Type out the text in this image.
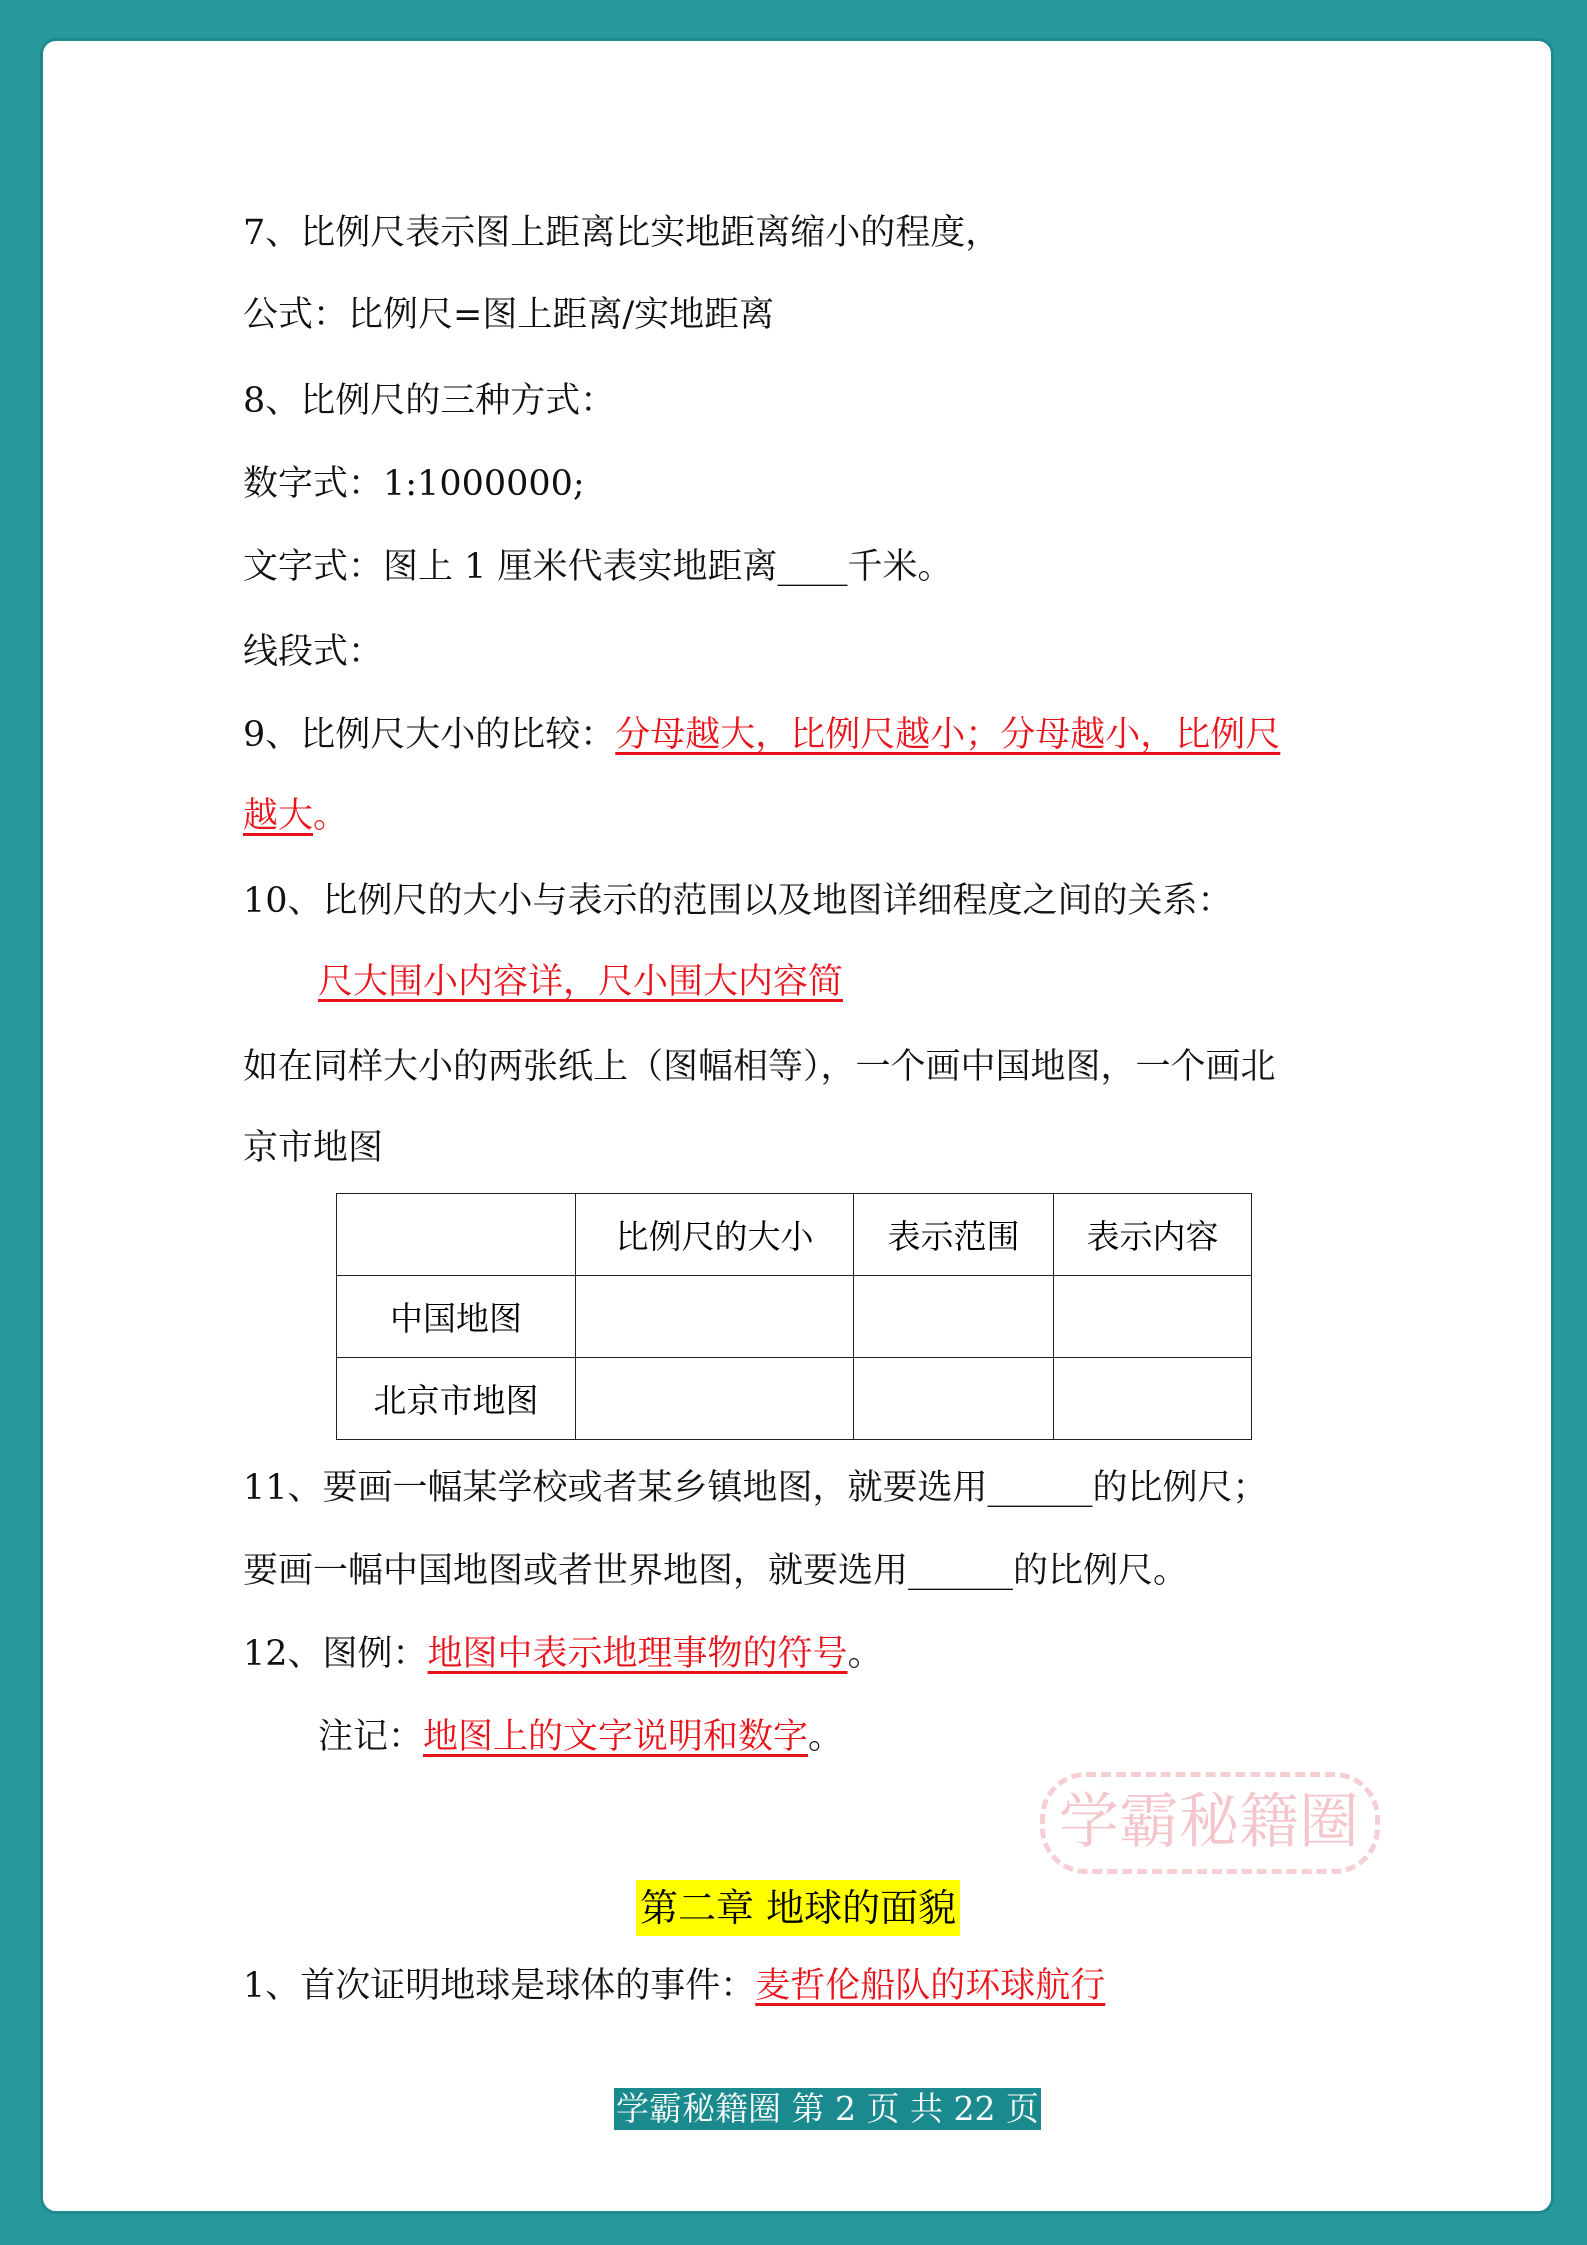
7、比例尺表示图上距离比实地距离缩小的程度，
公式：比例尺=图上距离/实地距离
8、比例尺的三种方式：
数字式：1:1000000;
文字式：图上 1 厘米代表实地距离____千米。
线段式：
9、比例尺大小的比较：分母越大，比例尺越小；分母越小，比例尺
越大。
10、比例尺的大小与表示的范围以及地图详细程度之间的关系：
尺大围小内容详，尺小围大内容简
如在同样大小的两张纸上（图幅相等），一个画中国地图，一个画北
京市地图
	比例尺的大小	表示范围	表示内容
中国地图			
北京市地图			
11、要画一幅某学校或者某乡镇地图，就要选用______的比例尺；
要画一幅中国地图或者世界地图，就要选用______的比例尺。
12、图例：地图中表示地理事物的符号。
注记：地图上的文字说明和数字。
学霸秘籍圈
第二章 地球的面貌
1、首次证明地球是球体的事件：麦哲伦船队的环球航行
学霸秘籍圈 第 2 页 共 22 页
